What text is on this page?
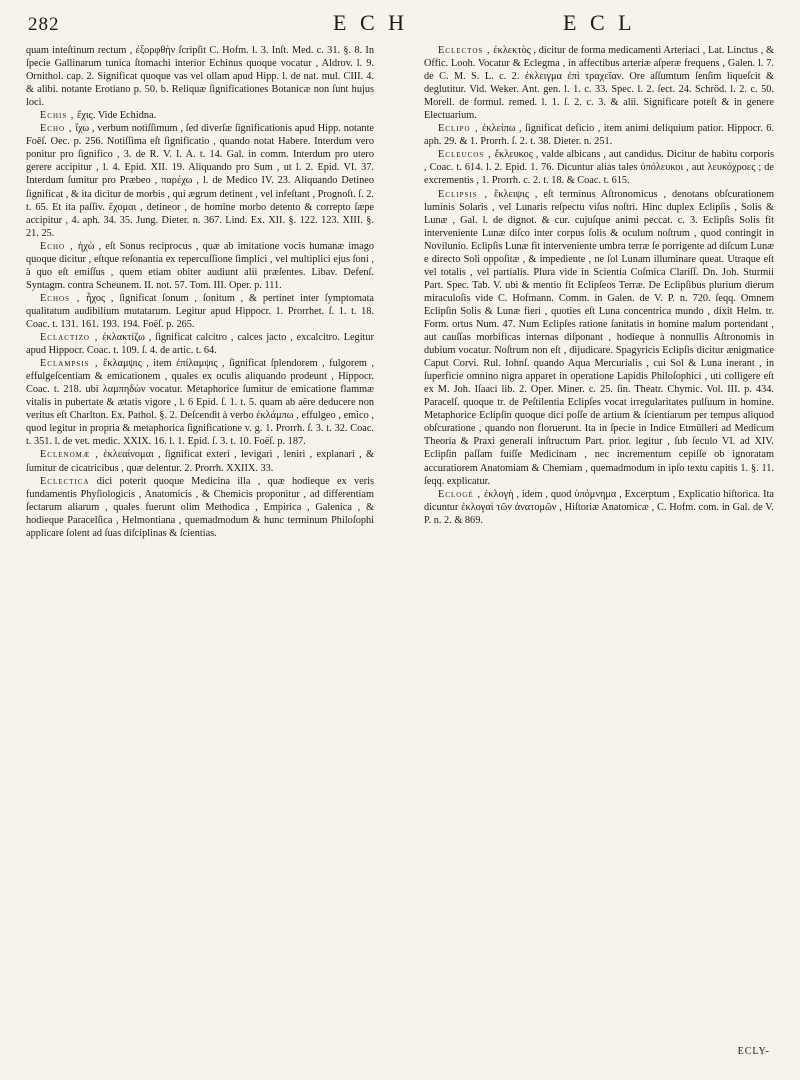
282	E C H	E C L

quam inteſtinum rectum , ἐξορφθὴν ſcripſit C. Hofm. l. 3. Inſt. Med. c. 31. §. 8. In ſpecie Gallinarum tunica ſtomachi interior Echinus quoque vocatur , Aldrov. l. 9. Ornithol. cap. 2. Significat quoque vas vel ollam apud Hipp. l. de nat. mul. CIII. 4. & alibi. notante Erotiano p. 50. b. Reliquæ ſignificationes Botanicæ non ſunt hujus loci.

Echis , ἔχις. Vide Echidna.

Echo , ἴχω , verbum notiſſimum , ſed diverſæ ſignificationis apud Hipp. notante Foëſ. Oec. p. 256. Notiſſima eſt ſignificatio , quando notat Habere. Interdum vero ponitur pro ſignifico , 3. de R. V. I. A. t. 14. Gal. in comm. Interdum pro utero gerere accipitur , l. 4. Epid. XII. 19. Aliquando pro Sum , ut l. 2. Epid. VI. 37. Interdum ſumitur pro Præbeo , παρέχω , l. de Medico IV. 23. Aliquando Detineo ſignificat , & ita dicitur de morbis , qui ægrum detinent , vel infeſtant , Prognoſt. ſ. 2. t. 65. Et ita paſſiv. ἔχομαι , detineor , de homine morbo detento & correpto ſæpe accipitur , 4. aph. 34. 35. Jung. Dieter. n. 367. Lind. Ex. XII. §. 122. 123. XIII. §. 21. 25.

Echo , ἠχὼ , eſt Sonus reciprocus , quæ ab imitatione vocis humanæ imago quoque dicitur , eſtque reſonantia ex repercuſſione ſimplici , vel multiplici ejus ſoni , à quo eſt emiſſus , quem etiam obiter audiunt alii præſentes. Libav. Defenſ. Syntagm. contra Scheunem. II. not. 57. Tom. III. Oper. p. 111.

Echos , ἦχος , ſignificat ſonum , ſonitum , & pertinet inter ſymptomata qualitatum audibilium mutatarum. Legitur apud Hippocr. 1. Prorrhet. ſ. 1. t. 18. Coac. t. 131. 161. 193. 194. Foëſ. p. 265.

Eclactizo , ἐκλακτίζω , ſignificat calcitro , calces jacto , excalcitro. Legitur apud Hippocr. Coac. t. 109. ſ. 4. de artic. t. 64.

Eclampsis , ἔκλαμψις , item ἐπίλαμψις , ſignificat ſplendorem , fulgorem , effulgeſcentiam & emicationem , quales ex oculis aliquando prodeunt , Hippocr. Coac. t. 218. ubi λαμπηδὼν vocatur. Metaphorice ſumitur de emicatione flammæ vitalis in pubertate & ætatis vigore , l. 6 Epid. ſ. 1. t. 5. quam ab aëre deducere non veritus eſt Charlton. Ex. Pathol. §. 2. Deſcendit à verbo ἐκλάμπω , effulgeo , emico , quod legitur in propria & metaphorica ſignificatione v. g. 1. Prorrh. ſ. 3. t. 32. Coac. t. 351. l. de vet. medic. XXIX. 16. l. 1. Epid. ſ. 3. t. 10. Foëſ. p. 187.

Eclenomæ , ἐκλεαίνομαι , ſignificat exteri , levigari , leniri , explanari , & ſumitur de cicatricibus , quæ delentur. 2. Prorrh. XXIIX. 33.

Eclectica dici poterit quoque Medicina illa , quæ hodieque ex veris fundamentis Phyſiologicis , Anatomicis , & Chemicis proponitur , ad differentiam ſectarum aliarum , quales fuerunt olim Methodica , Empirica , Galenica , & hodieque Paracelſica , Helmontiana , quemadmodum & hunc terminum Philoſophi applicare ſolent ad ſuas diſciplinas & ſcientias.

Eclectos , ἐκλεκτὸς , dicitur de forma medicamenti Arteriaci , Lat. Linctus , & Offic. Looh. Vocatur & Eclegma , in affectibus arteriæ aſperæ frequens , Galen. l. 7. de C. M. S. L. c. 2. ἐκλειγμα ἐπὶ τραχεῖαν. Ore aſſumtum ſenſim liqueſcit & deglutitur. Vid. Weker. Ant. gen. l. 1. c. 33. Spec. l. 2. ſect. 24. Schröd. l. 2. c. 50. Morell. de formul. remed. l. 1. ſ. 2. c. 3. & alii. Significare poteſt & in genere Electuarium.

Eclipo , ἐκλείπω , ſignificat deficio , item animi deliquium patior. Hippocr. 6. aph. 29. & 1. Prorrh. ſ. 2. t. 38. Dieter. n. 251.

Ecleucos , ἔκλευκος , valde albicans , aut candidus. Dicitur de habitu corporis , Coac. t. 614. l. 2. Epid. 1. 76. Dicuntur alias tales ὑπόλευκοι , aut λευκόχροες ; de excrementis , 1. Prorrh. c. 2. t. 18. & Coac. t. 615.

Eclipsis , ἔκλειψις , eſt terminus Aſtronomicus , denotans obſcurationem luminis Solaris , vel Lunaris reſpectu viſus noſtri. Hinc duplex Eclipſis , Solis & Lunæ , Gal. l. de dignot. & cur. cujuſque animi peccat. c. 3. Eclipſis Solis fit interveniente Lunæ diſco inter corpus ſolis & oculum noſtrum , quod contingit in Novilunio. Eclipſis Lunæ fit interveniente umbra terræ ſe porrigente ad diſcum Lunæ e directo Soli oppoſitæ , & impediente , ne ſol Lunam illuminare queat. Utraque eſt vel totalis , vel partialis. Plura vide in Scientia Coſmica Clariſſ. Dn. Joh. Sturmii Part. Spec. Tab. V. ubi & mentio fit Eclipſeos Terræ. De Eclipſibus plurium dierum miraculoſis vide C. Hofmann. Comm. in Galen. de V. P. n. 720. ſeqq. Omnem Eclipſin Solis & Lunæ fieri , quoties eſt Luna concentrica mundo , dixit Helm. tr. Form. ortus Num. 47. Num Eclipſes ratione ſanitatis in homine malum portendant , aut cauſſas morbificas internas diſponant , hodieque à nonnullis Aſtronomis in dubium vocatur. Noſtrum non eſt , dijudicare. Spagyricis Eclipſis dicitur ænigmatice Caput Corvi. Rul. Iohnſ. quando Aqua Mercurialis , cui Sol & Luna inerant , in ſuperficie omnino nigra apparet in operatione Lapidis Philoſophici , uti colligere eſt ex M. Joh. Iſaaci lib. 2. Oper. Miner. c. 25. ſin. Theatr. Chymic. Vol. III. p. 434. Paracelſ. quoque tr. de Peſtilentia Eclipſes vocat irregularitates pulſuum in homine. Metaphorice Eclipſin quoque dici poſſe de artium & ſcientiarum per tempus aliquod obſcuratione , quando non floruerunt. Ita in ſpecie in Indice Etmülleri ad Medicum Theoria & Praxi generali inſtructum Part. prior. legitur , ſub ſeculo VI. ad XIV. Eclipſin paſſam fuiſſe Medicinam , nec incrementum cepiſſe ob ignoratam accuratiorem Anatomiam & Chemiam , quemadmodum in ipſo textu capitis 1. §. 11. ſeqq. explicatur.

Eclogé , ἐκλογὴ , idem , quod ὑπόμνημα , Excerptum , Explicatio hiſtorica. Ita dicuntur ἐκλογαὶ τῶν ἀνατομῶν , Hiſtoriæ Anatomicæ , C. Hofm. com. in Gal. de V. P. n. 2. & 869.

ECLY-
